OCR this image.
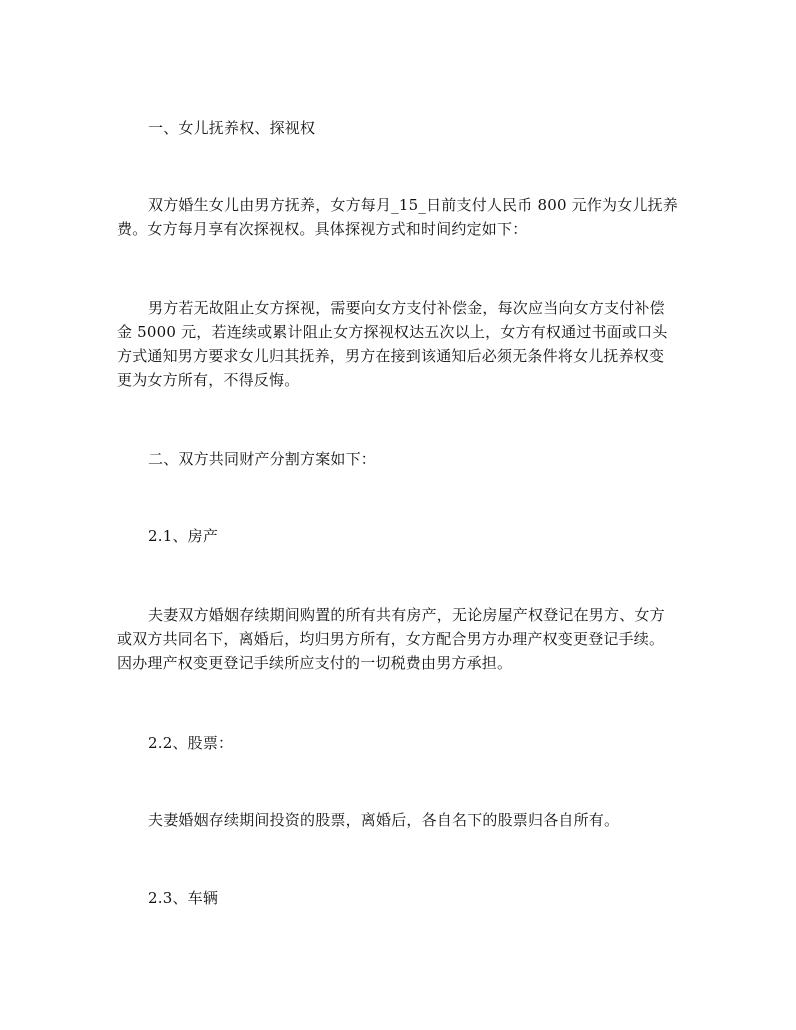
一、女儿抚养权、探视权
双方婚生女儿由男方抚养，女方每月_15_日前支付人民币 800 元作为女儿抚养
费。女方每月享有次探视权。具体探视方式和时间约定如下：
男方若无故阻止女方探视，需要向女方支付补偿金，每次应当向女方支付补偿
金 5000 元，若连续或累计阻止女方探视权达五次以上，女方有权通过书面或口头
方式通知男方要求女儿归其抚养，男方在接到该通知后必须无条件将女儿抚养权变
更为女方所有，不得反悔。
二、双方共同财产分割方案如下：
2.1、房产
夫妻双方婚姻存续期间购置的所有共有房产，无论房屋产权登记在男方、女方
或双方共同名下，离婚后，均归男方所有，女方配合男方办理产权变更登记手续。
因办理产权变更登记手续所应支付的一切税费由男方承担。
2.2、股票：
夫妻婚姻存续期间投资的股票，离婚后，各自名下的股票归各自所有。
2.3、车辆
